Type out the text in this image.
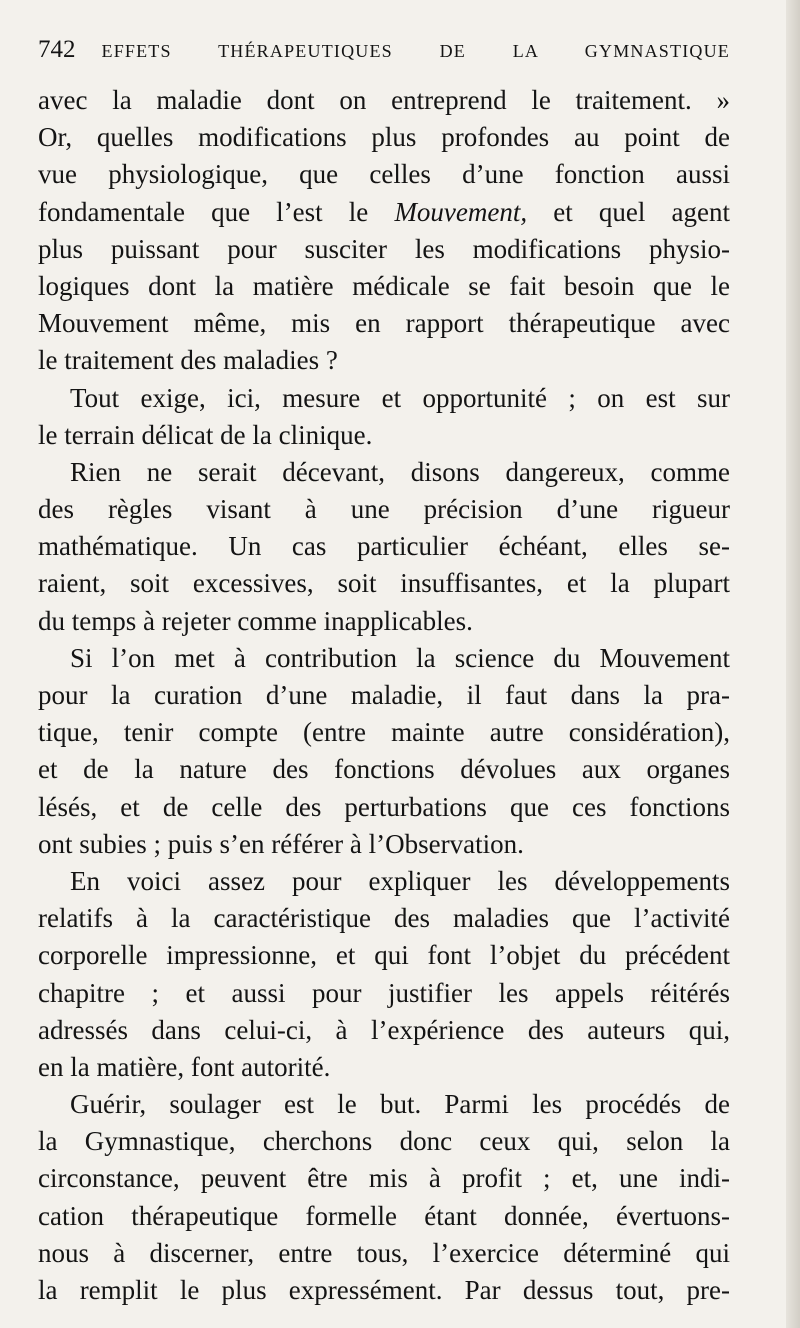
742 EFFETS THÉRAPEUTIQUES DE LA GYMNASTIQUE
avec la maladie dont on entreprend le traitement. »
Or, quelles modifications plus profondes au point de
vue physiologique, que celles d’une fonction aussi
fondamentale que l’est le Mouvement, et quel agent
plus puissant pour susciter les modifications physio-
logiques dont la matière médicale se fait besoin que le
Mouvement même, mis en rapport thérapeutique avec
le traitement des maladies ?
Tout exige, ici, mesure et opportunité ; on est sur
le terrain délicat de la clinique.
Rien ne serait décevant, disons dangereux, comme
des règles visant à une précision d’une rigueur
mathématique. Un cas particulier échéant, elles se-
raient, soit excessives, soit insuffisantes, et la plupart
du temps à rejeter comme inapplicables.
Si l’on met à contribution la science du Mouvement
pour la curation d’une maladie, il faut dans la pra-
tique, tenir compte (entre mainte autre considération),
et de la nature des fonctions dévolues aux organes
lésés, et de celle des perturbations que ces fonctions
ont subies ; puis s’en référer à l’Observation.
En voici assez pour expliquer les développements
relatifs à la caractéristique des maladies que l’activité
corporelle impressionne, et qui font l’objet du précédent
chapitre ; et aussi pour justifier les appels réitérés
adressés dans celui-ci, à l’expérience des auteurs qui,
en la matière, font autorité.
Guérir, soulager est le but. Parmi les procédés de
la Gymnastique, cherchons donc ceux qui, selon la
circonstance, peuvent être mis à profit ; et, une indi-
cation thérapeutique formelle étant donnée, évertuons-
nous à discerner, entre tous, l’exercice déterminé qui
la remplit le plus expressément. Par dessus tout, pre-
